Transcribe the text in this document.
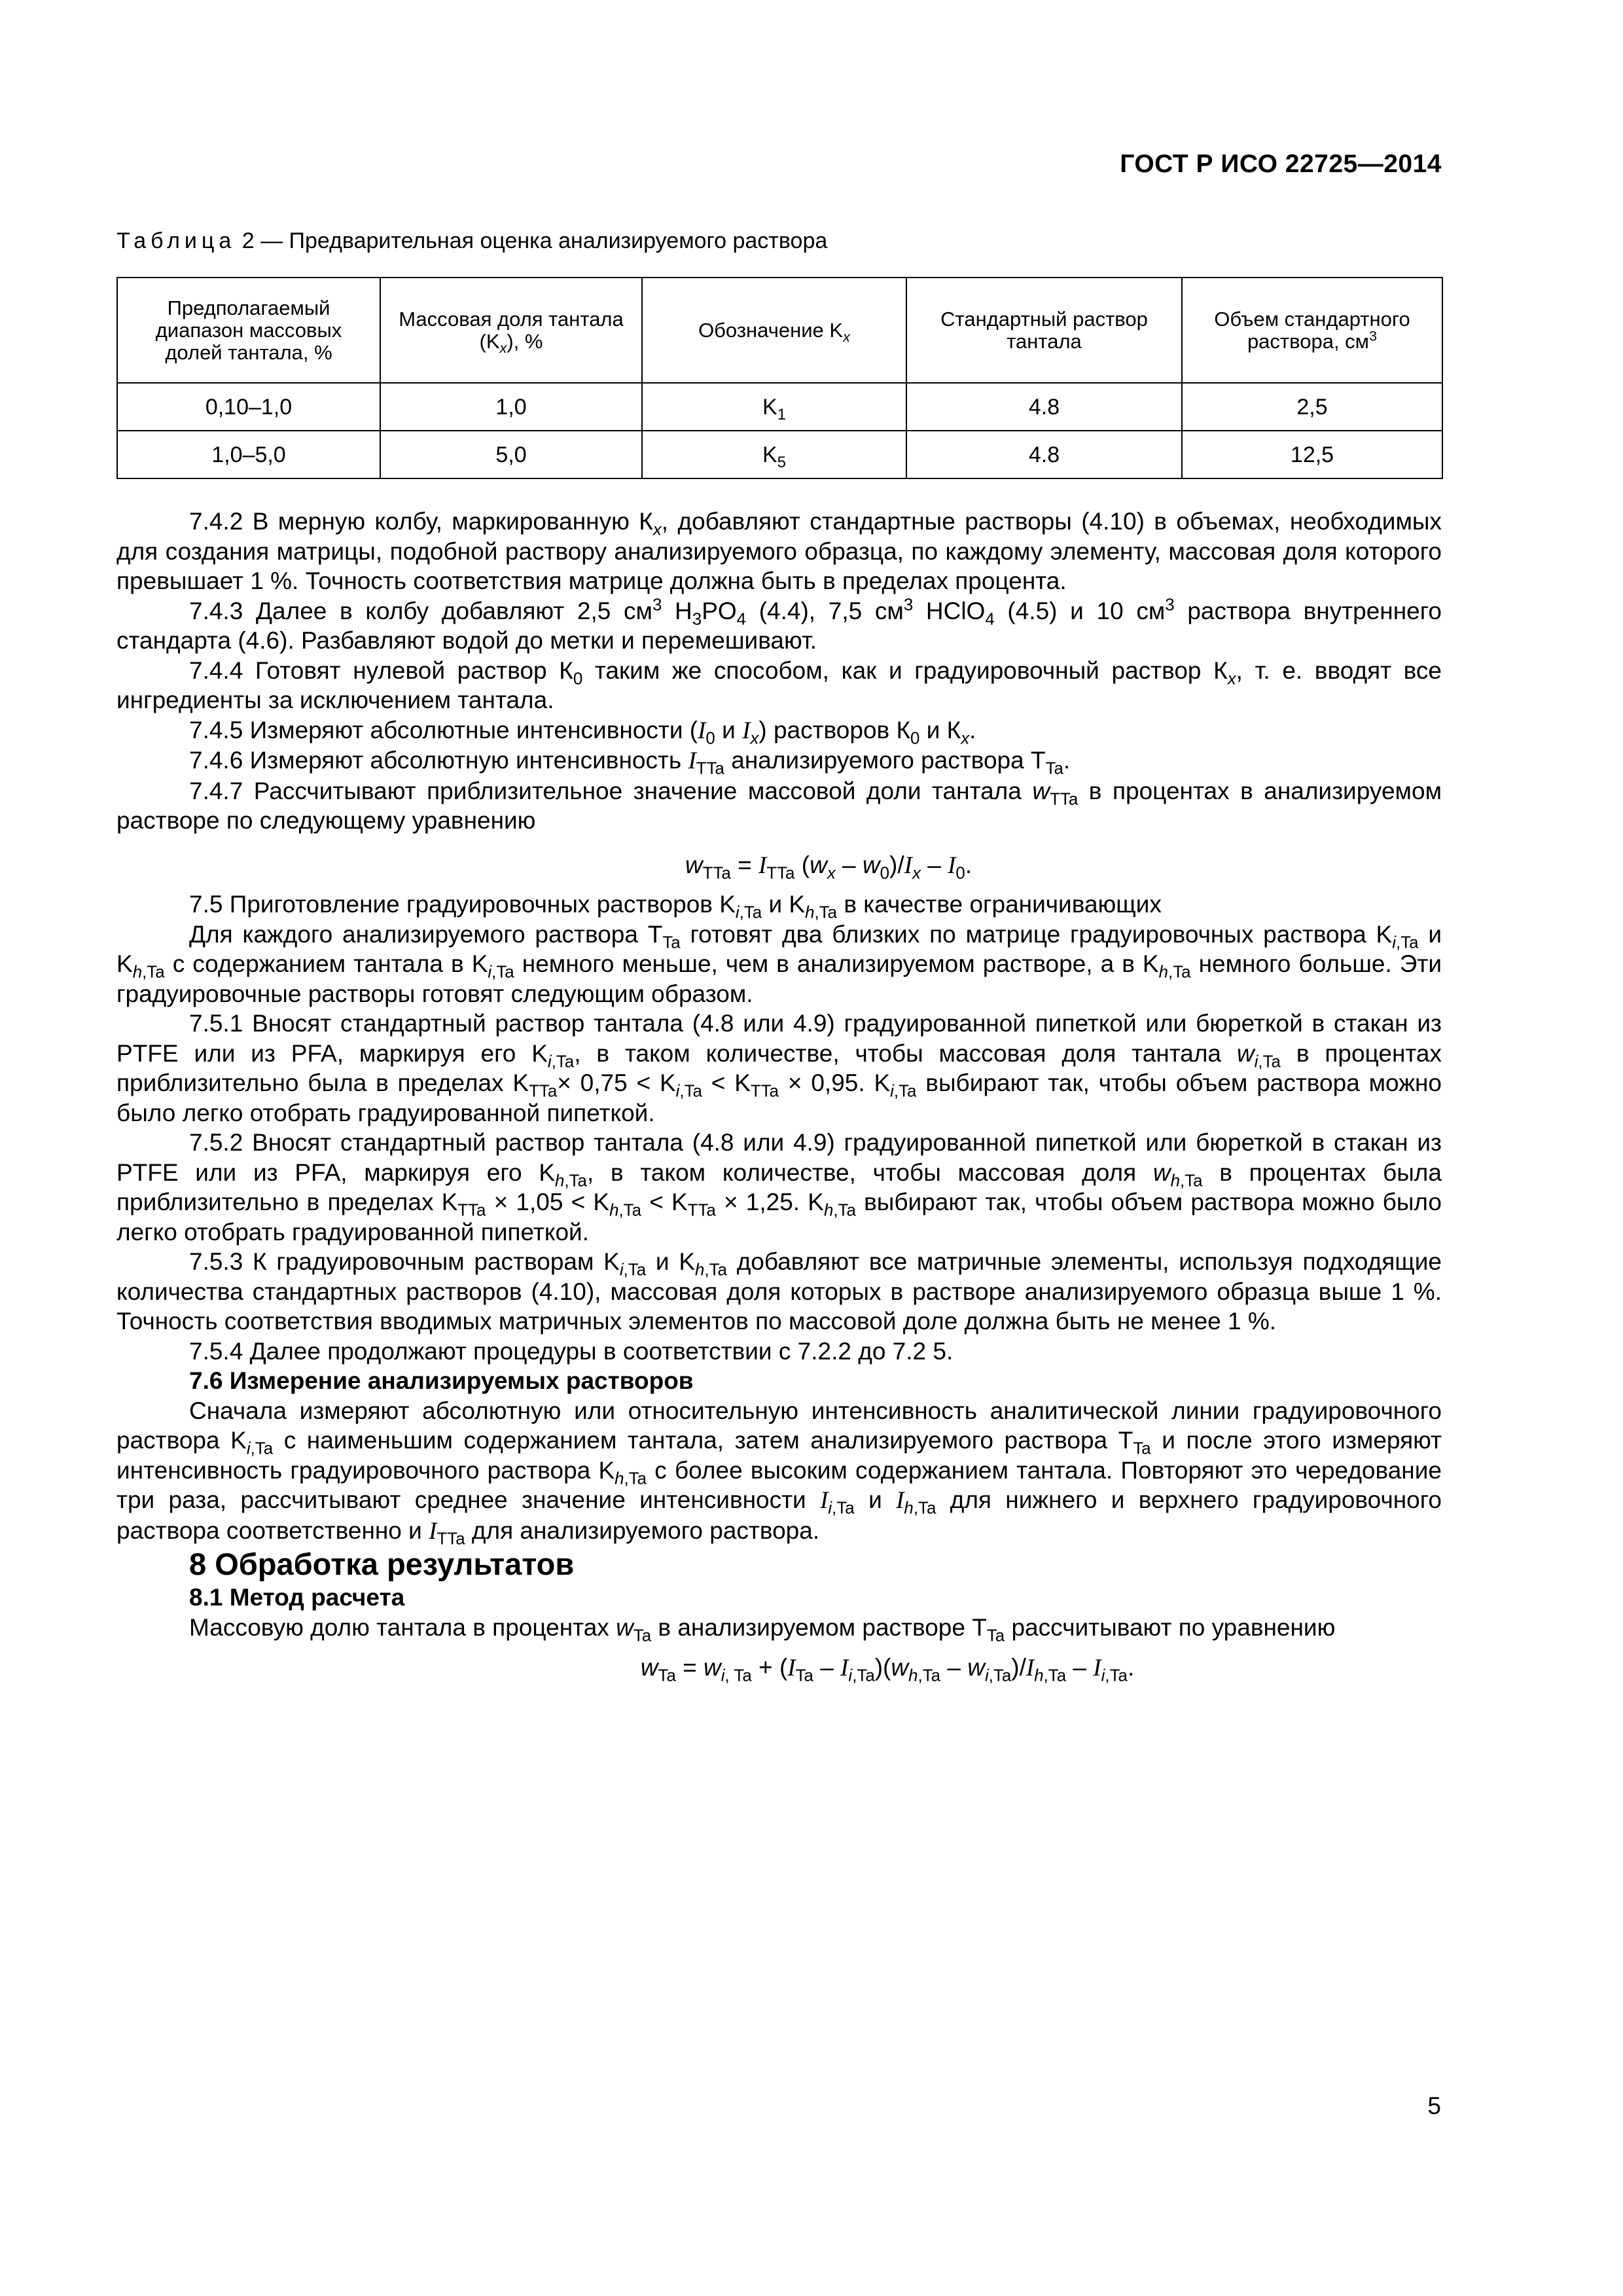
ГОСТ Р ИСО 22725—2014
Таблица 2 — Предварительная оценка анализируемого раствора
Предполагаемый диапазон массовых долей тантала, %	Массовая доля тантала $(K_x)$, %	Обозначение $K_x$	Стандартный раствор тантала	Объем стандартного раствора, $см^3$
0,10–1,0	1,0	$K_1$	4.8	2,5
1,0–5,0	5,0	$K_5$	4.8	12,5

7.4.2 В мерную колбу, маркированную $К_x$, добавляют стандартные растворы (4.10) в объемах, необходимых для создания матрицы, подобной раствору анализируемого образца, по каждому элементу, массовая доля которого превышает 1 %. Точность соответствия матрице должна быть в пределах процента.

7.4.3 Далее в колбу добавляют 2,5 $см^3$ $H_3PO_4$ (4.4), 7,5 $см^3$ HClO$_4$ (4.5) и 10 $см^3$ раствора внутреннего стандарта (4.6). Разбавляют водой до метки и перемешивают.

7.4.4 Готовят нулевой раствор $К_0$ таким же способом, как и градуировочный раствор $К_x$, т. е. вводят все ингредиенты за исключением тантала.

7.4.5 Измеряют абсолютные интенсивности ($I_0$ и $I_x$) растворов $К_0$ и $К_x$.

7.4.6 Измеряют абсолютную интенсивность $I_{TTa}$ анализируемого раствора $T_{Ta}$.

7.4.7 Рассчитывают приблизительное значение массовой доли тантала $w_{TTa}$ в процентах в анализируемом растворе по следующему уравнению

$w_{TTa} = I_{TTa}$ $(w_x - w_0)/I_x - I_0$.

7.5 Приготовление градуировочных растворов $K_{i,Ta}$ и $K_{h,Ta}$ в качестве ограничивающих

Для каждого анализируемого раствора $T_{Ta}$ готовят два близких по матрице градуировочных раствора $K_{i,Ta}$ и $K_{h,Ta}$ с содержанием тантала в $K_{i,Ta}$ немного меньше, чем в анализируемом растворе, а в $K_{h,Ta}$ немного больше. Эти градуировочные растворы готовят следующим образом.

7.5.1 Вносят стандартный раствор тантала (4.8 или 4.9) градуированной пипеткой или бюреткой в стакан из PTFE или из PFA, маркируя его $K_{i,Ta}$, в таком количестве, чтобы массовая доля тантала $w_{i,Ta}$ в процентах приблизительно была в пределах $K_{TTa}\times 0,75 < K_{i,Ta} < K_{TTa} \times 0,95$. $K_{i,Ta}$ выбирают так, чтобы объем раствора можно было легко отобрать градуированной пипеткой.

7.5.2 Вносят стандартный раствор тантала (4.8 или 4.9) градуированной пипеткой или бюреткой в стакан из PTFE или из PFA, маркируя его $K_{h,Ta}$, в таком количестве, чтобы массовая доля $w_{h,Ta}$ в процентах была приблизительно в пределах $K_{TTa} \times 1,05 < K_{h,Ta} < K_{TTa} \times 1,25$. $K_{h,Ta}$ выбирают так, чтобы объем раствора можно было легко отобрать градуированной пипеткой.

7.5.3 К градуировочным растворам $K_{i,Ta}$ и $K_{h,Ta}$ добавляют все матричные элементы, используя подходящие количества стандартных растворов (4.10), массовая доля которых в растворе анализируемого образца выше 1 %. Точность соответствия вводимых матричных элементов по массовой доле должна быть не менее 1 %.

7.5.4 Далее продолжают процедуры в соответствии с 7.2.2 до 7.2 5.

7.6 Измерение анализируемых растворов

Сначала измеряют абсолютную или относительную интенсивность аналитической линии градуировочного раствора $K_{i,Ta}$ с наименьшим содержанием тантала, затем анализируемого раствора $T_{Ta}$ и после этого измеряют интенсивность градуировочного раствора $K_{h,Ta}$ с более высоким содержанием тантала. Повторяют это чередование три раза, рассчитывают среднее значение интенсивности $I_{i,Ta}$ и $I_{h,Ta}$ для нижнего и верхнего градуировочного раствора соответственно и $I_{TTa}$ для анализируемого раствора.

8 Обработка результатов

8.1 Метод расчета

Массовую долю тантала в процентах $w_{Ta}$ в анализируемом растворе $T_{Ta}$ рассчитывают по уравнению

$w_{Ta} = w_{i, Ta} + (I_{Ta} - I_{i,Ta})(w_{h,Ta} - w_{i,Ta})/I_{h,Ta} - I_{i,Ta}$.

5
